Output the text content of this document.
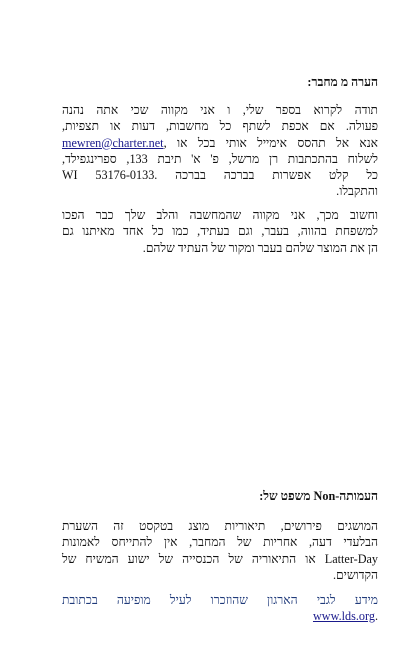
הערה מ מחבר:
תודה לקרוא בספר שלי, ו אני מקווה שכי אתה נהנה
פעולה. אם אכפת לשתף כל מחשבות, דעות או תצפיות,
אנא אל תהסס אימייל אותי בכל mewren@charter.net, או
לשלוח בהתכתבות רן מרשל, פ' א' תיבת 133, ספרינגפילד,
כל קלט אפשרות בברכה בברכה .53176-0133 WI
והתקבלו.
וחשוב מכך, אני מקווה שהמחשבה והלב שלך כבר הפכו
למשפחת בהווה, בעבר, וגם בעתיד, כמו כל אחד מאיתנו גם
הן את המוצר שלהם בעבר ומקור של העתיד שלהם.
העמותה-Non משפט של:
המושגים פירושים, תיאוריות מוצג בטקסט זה השערת
הבלעדי דעה, אחריות של המחבר, אין להתייחס לאמונות
Latter-Day או התיאוריה של הכנסייה של ישוע המשיח של
הקדושים.
מידע לגבי הארגון שהוזכרו לעיל מופיעה בכתובת
www.lds.org.
